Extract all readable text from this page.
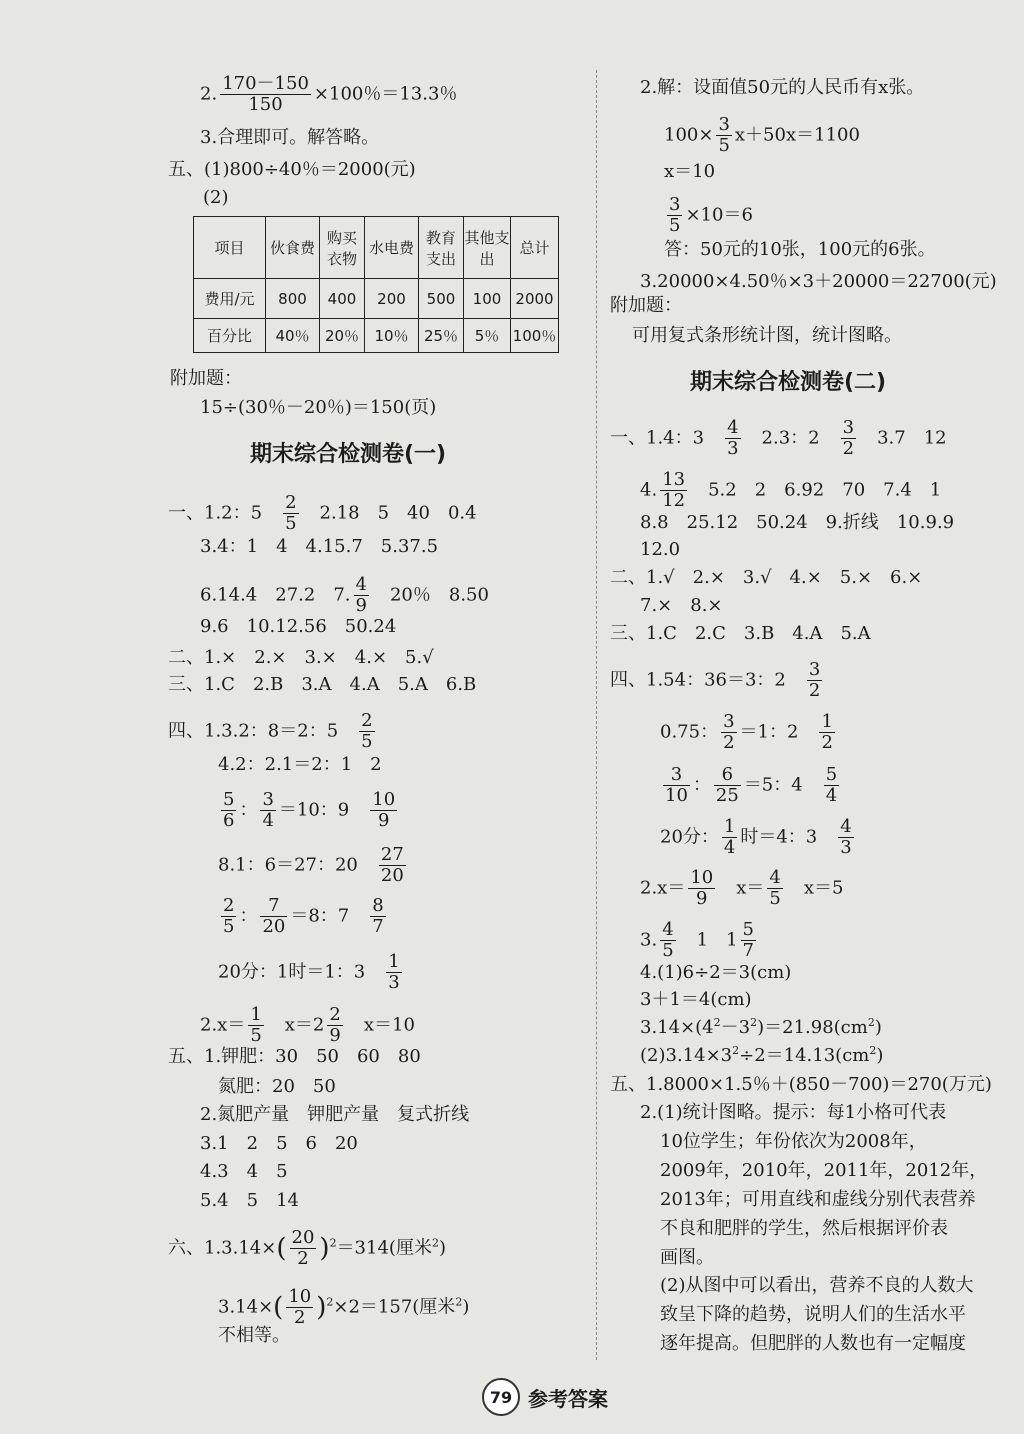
2. $\frac{170-150}{150} \times 100$％＝13.3％
3.合理即可。解答略。
五、(1)800÷40％＝2000(元)
(2)
项目	伙食费	购买衣物	水电费	教育支出	其他支出	总计
费用/元	800	400	200	500	100	2000
百分比	40％	20％	10％	25％	5％	100％
附加题：
15÷(30％－20％)＝150(页)
期末综合检测卷(一)
一、1.2：5　 $\frac{2}{5}$
　 2.18　5　40　0.4
3.4：1　4　4.15.7　5.37.5
6.14.4　27.2　7. $\frac{4}{9}$
　 20％　8.50
9.6　10.12.56　50.24
二、1.×　2.×　3.×　4.×　5.√
三、1.C　2.B　3.A　4.A　5.A　6.B
四、1.3.2：8＝2：5　 $\frac{2}{5}$
4.2：2.1＝2：1　2
$\frac{5}{6}$ ： $\frac{3}{4} =10$：9　 $\frac{10}{9}$
8.1：6＝27：20　 $\frac{27}{20}$
$\frac{2}{5}$ ： $\frac{7}{20} =8$：7　 $\frac{8}{7}$
20分：1时＝1：3　 $\frac{1}{3}$
$2.x= \frac{1}{5}$
　 $x=2 \frac{2}{9}$
　 x＝10
五、1.钾肥：30　50　60　80
氮肥：20　50
2.氮肥产量　钾肥产量　复式折线
3.1　2　5　6　20
4.3　4　5
5.4　5　14
六、$1.3.14\times( \frac{20}{2} )^2=314$(厘米$^2$)
$3.14\times( \frac{10}{2} )^2\times 2=157$(厘米$^2$)
不相等。
2.解：设面值50元的人民币有x张。
$100\times \frac{3}{5} x+50x=1100$
x＝10
$\frac{3}{5} \times 10=6$
答：50元的10张，100元的6张。
3.20000×4.50％×3＋20000＝22700(元)
附加题：
可用复式条形统计图，统计图略。
期末综合检测卷(二)
一、1.4：3　 $\frac{4}{3}$
　 2.3：2　 $\frac{3}{2}$
　 3.7　12
4. $\frac{13}{12}$
　 5.2　2　6.92　70　7.4　1
8.8　25.12　50.24　9.折线　10.9.9
12.0
二、1.√　2.×　3.√　4.×　5.×　6.×
7.×　8.×
三、1.C　2.C　3.B　4.A　5.A
四、1.54：36＝3：2　 $\frac{3}{2}$
0.75： $\frac{3}{2} =1$：2　 $\frac{1}{2}$
$\frac{3}{10}$ ： $\frac{6}{25} =5$：4　 $\frac{5}{4}$
20分： $\frac{1}{4}$ 时＝4：3　 $\frac{4}{3}$
$2.x= \frac{10}{9}$
　 $x= \frac{4}{5}$
　 x＝5
3. $\frac{4}{5}$
　 1　$1 \frac{5}{7}$
4.(1)6÷2＝3(cm)
3＋1＝4(cm)
$3.14\times(4^2-3^2)=21.98(cm^2)$
$(2)3.14\times 3^2\div 2=14.13(cm^2)$
五、1.8000×1.5％＋(850－700)＝270(万元)
2.(1)统计图略。提示：每1小格可代表
10位学生；年份依次为2008年，
2009年，2010年，2011年，2012年，
2013年；可用直线和虚线分别代表营养
不良和肥胖的学生，然后根据评价表
画图。
(2)从图中可以看出，营养不良的人数大
致呈下降的趋势，说明人们的生活水平
逐年提高。但肥胖的人数也有一定幅度
79 参考答案
